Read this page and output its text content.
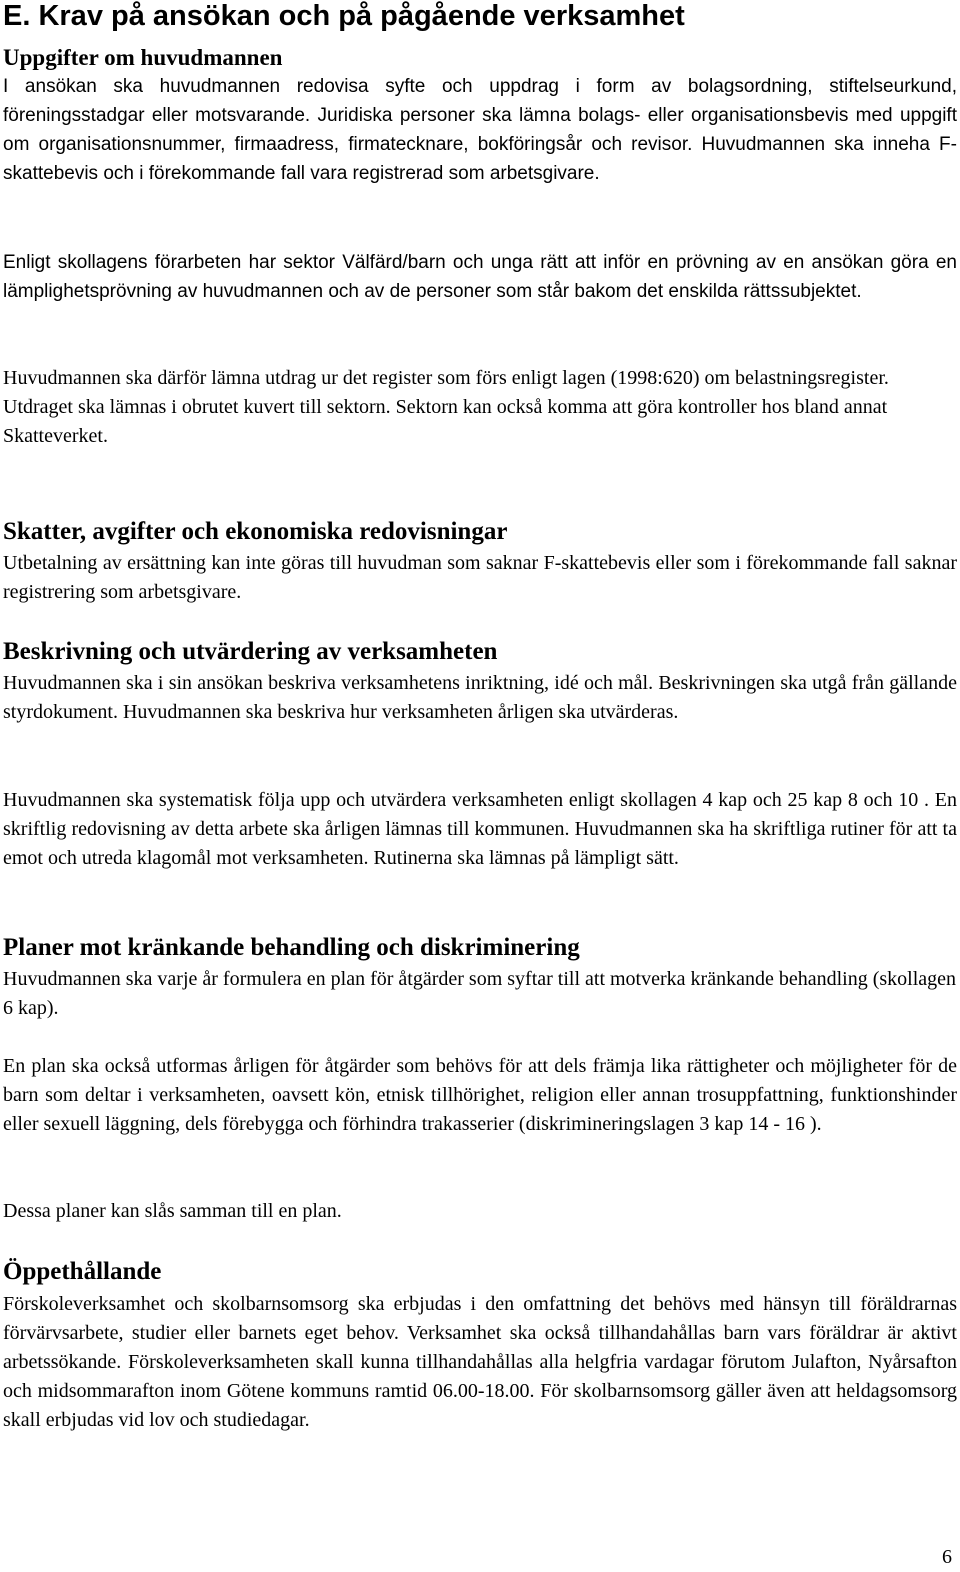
E. Krav på ansökan och på pågående verksamhet
Uppgifter om huvudmannen

I ansökan ska huvudmannen redovisa syfte och uppdrag i form av bolagsordning, stiftelseurkund, föreningsstadgar eller motsvarande. Juridiska personer ska lämna bolags- eller organisationsbevis med uppgift om organisationsnummer, firmaadress, firmatecknare, bokföringsår och revisor. Huvudmannen ska inneha F-skattebevis och i förekommande fall vara registrerad som arbetsgivare.

Enligt skollagens förarbeten har sektor Välfärd/barn och unga rätt att inför en prövning av en ansökan göra en lämplighetsprövning av huvudmannen och av de personer som står bakom det enskilda rättssubjektet.

Huvudmannen ska därför lämna utdrag ur det register som förs enligt lagen (1998:620) om belastningsregister. Utdraget ska lämnas i obrutet kuvert till sektorn. Sektorn kan också komma att göra kontroller hos bland annat Skatteverket.

Skatter, avgifter och ekonomiska redovisningar

Utbetalning av ersättning kan inte göras till huvudman som saknar F-skattebevis eller som i förekommande fall saknar registrering som arbetsgivare.

Beskrivning och utvärdering av verksamheten

Huvudmannen ska i sin ansökan beskriva verksamhetens inriktning, idé och mål. Beskrivningen ska utgå från gällande styrdokument. Huvudmannen ska beskriva hur verksamheten årligen ska utvärderas.

Huvudmannen ska systematisk följa upp och utvärdera verksamheten enligt skollagen 4 kap och 25 kap 8 och 10 . En skriftlig redovisning av detta arbete ska årligen lämnas till kommunen. Huvudmannen ska ha skriftliga rutiner för att ta emot och utreda klagomål mot verksamheten. Rutinerna ska lämnas på lämpligt sätt.

Planer mot kränkande behandling och diskriminering

Huvudmannen ska varje år formulera en plan för åtgärder som syftar till att motverka kränkande behandling (skollagen 6 kap).

En plan ska också utformas årligen för åtgärder som behövs för att dels främja lika rättigheter och möjligheter för de barn som deltar i verksamheten, oavsett kön, etnisk tillhörighet, religion eller annan trosuppfattning, funktionshinder eller sexuell läggning, dels förebygga och förhindra trakasserier (diskrimineringslagen 3 kap 14 - 16 ).

Dessa planer kan slås samman till en plan.

Öppethållande

Förskoleverksamhet och skolbarnsomsorg ska erbjudas i den omfattning det behövs med hänsyn till föräldrarnas förvärvsarbete, studier eller barnets eget behov. Verksamhet ska också tillhandahållas barn vars föräldrar är aktivt arbetssökande. Förskoleverksamheten skall kunna tillhandahållas alla helgfria vardagar förutom Julafton, Nyårsafton och midsommarafton inom Götene kommuns ramtid 06.00-18.00. För skolbarnsomsorg gäller även att heldagsomsorg skall erbjudas vid lov och studiedagar.

6
